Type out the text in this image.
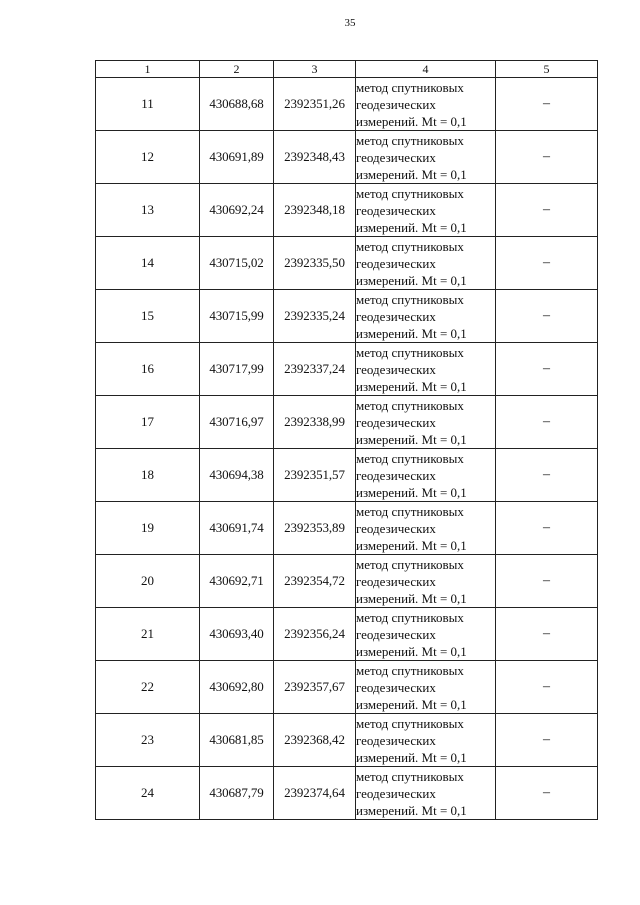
35
1	2	3	4	5
11	430688,68	2392351,26	метод спутниковых
геодезических
измерений. Mt = 0,1	–
12	430691,89	2392348,43	метод спутниковых
геодезических
измерений. Mt = 0,1	–
13	430692,24	2392348,18	метод спутниковых
геодезических
измерений. Mt = 0,1	–
14	430715,02	2392335,50	метод спутниковых
геодезических
измерений. Mt = 0,1	–
15	430715,99	2392335,24	метод спутниковых
геодезических
измерений. Mt = 0,1	–
16	430717,99	2392337,24	метод спутниковых
геодезических
измерений. Mt = 0,1	–
17	430716,97	2392338,99	метод спутниковых
геодезических
измерений. Mt = 0,1	–
18	430694,38	2392351,57	метод спутниковых
геодезических
измерений. Mt = 0,1	–
19	430691,74	2392353,89	метод спутниковых
геодезических
измерений. Mt = 0,1	–
20	430692,71	2392354,72	метод спутниковых
геодезических
измерений. Mt = 0,1	–
21	430693,40	2392356,24	метод спутниковых
геодезических
измерений. Mt = 0,1	–
22	430692,80	2392357,67	метод спутниковых
геодезических
измерений. Mt = 0,1	–
23	430681,85	2392368,42	метод спутниковых
геодезических
измерений. Mt = 0,1	–
24	430687,79	2392374,64	метод спутниковых
геодезических
измерений. Mt = 0,1	–
